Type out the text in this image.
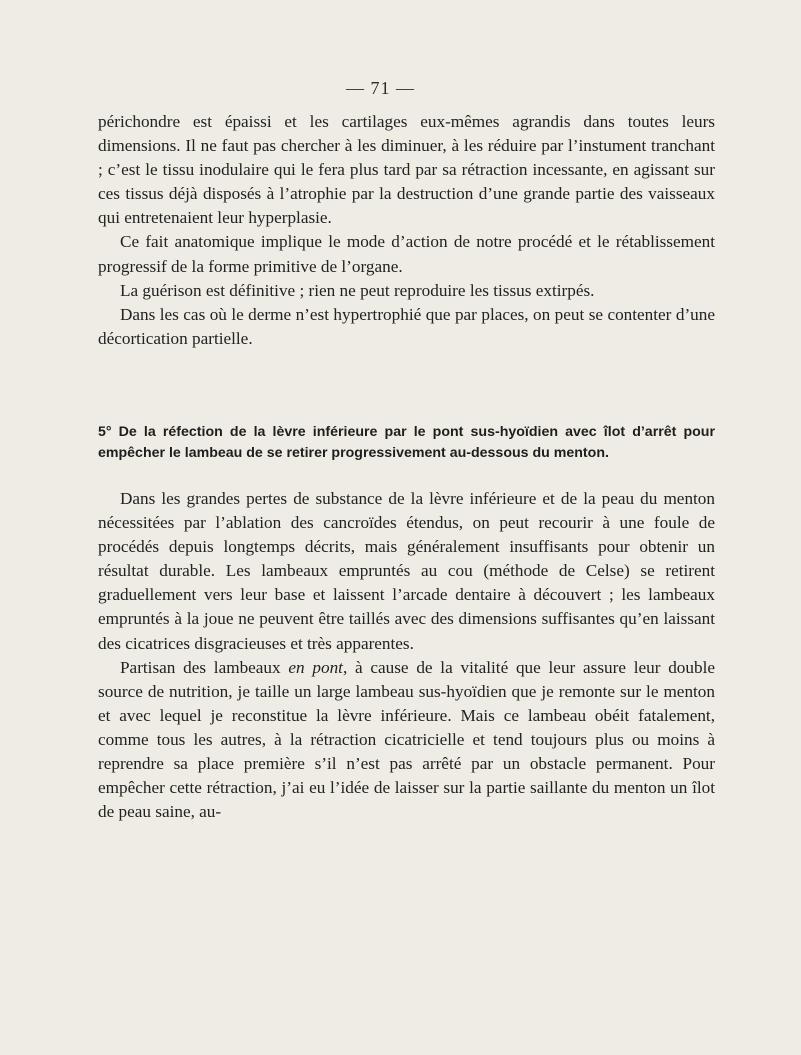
— 71 —

périchondre est épaissi et les cartilages eux-mêmes agrandis dans toutes leurs dimensions. Il ne faut pas chercher à les diminuer, à les réduire par l’instument tranchant ; c’est le tissu inodulaire qui le fera plus tard par sa rétraction incessante, en agissant sur ces tissus déjà disposés à l’atrophie par la destruction d’une grande partie des vaisseaux qui entretenaient leur hyperplasie.

Ce fait anatomique implique le mode d’action de notre procédé et le rétablissement progressif de la forme primitive de l’organe.

La guérison est définitive ; rien ne peut reproduire les tissus extirpés.

Dans les cas où le derme n’est hypertrophié que par places, on peut se contenter d’une décortication partielle.

5° De la réfection de la lèvre inférieure par le pont sus-hyoïdien avec îlot d’arrêt pour empêcher le lambeau de se retirer progressivement au-dessous du menton.

Dans les grandes pertes de substance de la lèvre inférieure et de la peau du menton nécessitées par l’ablation des cancroïdes étendus, on peut recourir à une foule de procédés depuis longtemps décrits, mais généralement insuffisants pour obtenir un résultat durable. Les lambeaux empruntés au cou (méthode de Celse) se retirent graduellement vers leur base et laissent l’arcade dentaire à découvert ; les lambeaux empruntés à la joue ne peuvent être taillés avec des dimensions suffisantes qu’en laissant des cicatrices disgracieuses et très apparentes.

Partisan des lambeaux en pont, à cause de la vitalité que leur assure leur double source de nutrition, je taille un large lambeau sus-hyoïdien que je remonte sur le menton et avec lequel je reconstitue la lèvre inférieure. Mais ce lambeau obéit fatalement, comme tous les autres, à la rétraction cicatricielle et tend toujours plus ou moins à reprendre sa place première s’il n’est pas arrêté par un obstacle permanent. Pour empêcher cette rétraction, j’ai eu l’idée de laisser sur la partie saillante du menton un îlot de peau saine, au-
